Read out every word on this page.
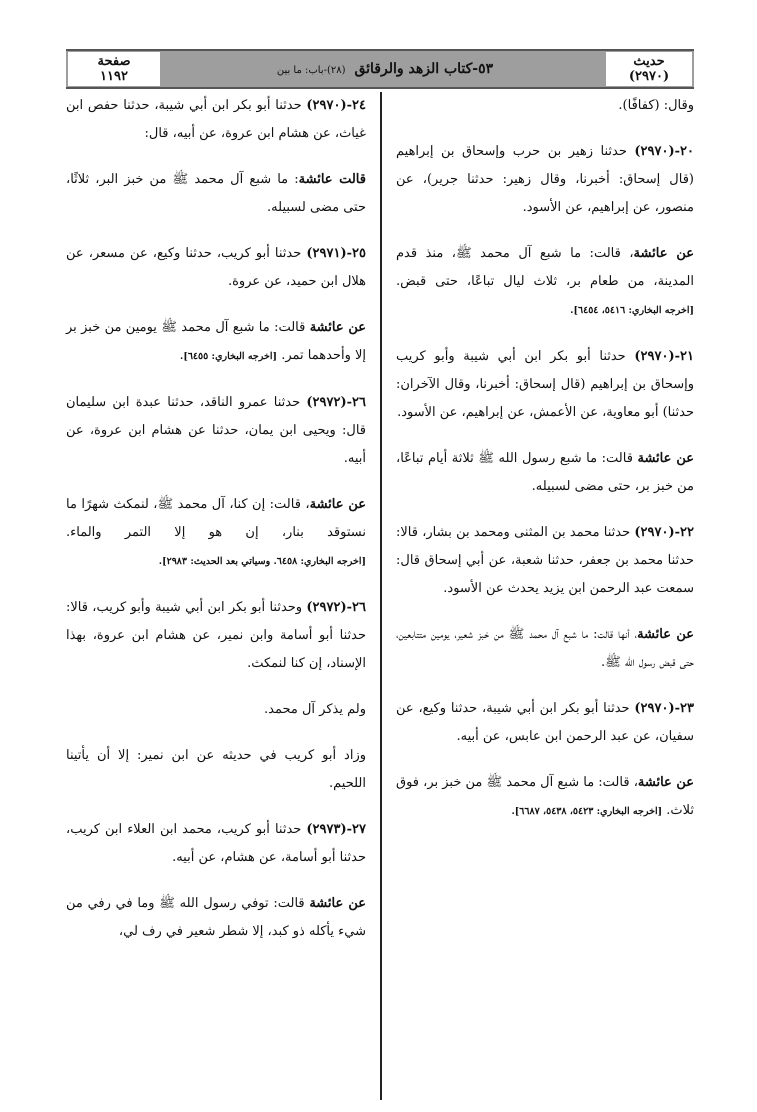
حديث
(٢٩٧٠)
٥٣-كتاب الزهد والرقائق (٢٨)-باب: ما بين
صفحة
١١٩٢
وقال: (كفافًا).
٢٠-(٢٩٧٠) حدثنا زهير بن حرب وإسحاق بن إبراهيم (قال إسحاق: أخبرنا، وقال زهير: حدثنا جرير)، عن منصور، عن إبراهيم، عن الأسود.
عن عائشة، قالت: ما شبع آل محمد ﷺ، منذ قدم المدينة، من طعام بر، ثلاث ليال تباعًا، حتى قبض. [اخرجه البخاري: ٥٤١٦، ٦٤٥٤].
٢١-(٢٩٧٠) حدثنا أبو بكر ابن أبي شيبة وأبو كريب وإسحاق بن إبراهيم (قال إسحاق: أخبرنا، وقال الآخران: حدثنا) أبو معاوية، عن الأعمش، عن إبراهيم، عن الأسود.
عن عائشة قالت: ما شبع رسول الله ﷺ ثلاثة أيام تباعًا، من خبز بر، حتى مضى لسبيله.
٢٢-(٢٩٧٠) حدثنا محمد بن المثنى ومحمد بن بشار، قالا: حدثنا محمد بن جعفر، حدثنا شعبة، عن أبي إسحاق قال: سمعت عبد الرحمن ابن يزيد يحدث عن الأسود.
عن عائشة، أنها قالت: ما شبع آل محمد ﷺ من خبز شعير، يومين متتابعين، حتى قبض رسول الله ﷺ.
٢٣-(٢٩٧٠) حدثنا أبو بكر ابن أبي شيبة، حدثنا وكيع، عن سفيان، عن عبد الرحمن ابن عابس، عن أبيه.
عن عائشة، قالت: ما شبع آل محمد ﷺ من خبز بر، فوق ثلاث. [اخرجه البخاري: ٥٤٢٣، ٥٤٣٨، ٦٦٨٧].
٢٤-(٢٩٧٠) حدثنا أبو بكر ابن أبي شيبة، حدثنا حفص ابن غياث، عن هشام ابن عروة، عن أبيه، قال:
قالت عائشة: ما شبع آل محمد ﷺ من خبز البر، ثلاثًا، حتى مضى لسبيله.
٢٥-(٢٩٧١) حدثنا أبو كريب، حدثنا وكيع، عن مسعر، عن هلال ابن حميد، عن عروة.
عن عائشة قالت: ما شبع آل محمد ﷺ يومين من خبز بر إلا وأحدهما تمر. [اخرجه البخاري: ٦٤٥٥].
٢٦-(٢٩٧٢) حدثنا عمرو الناقد، حدثنا عبدة ابن سليمان قال: ويحيى ابن يمان، حدثنا عن هشام ابن عروة، عن أبيه.
عن عائشة، قالت: إن كنا، آل محمد ﷺ، لنمكث شهرًا ما نستوقد بنار، إن هو إلا التمر والماء. [اخرجه البخاري: ٦٤٥٨. وسياتي بعد الحديث: ٢٩٨٣].
٢٦-(٢٩٧٢) وحدثنا أبو بكر ابن أبي شيبة وأبو كريب، قالا: حدثنا أبو أسامة وابن نمير، عن هشام ابن عروة، بهذا الإسناد، إن كنا لنمكث.
ولم يذكر آل محمد.
وزاد أبو كريب في حديثه عن ابن نمير: إلا أن يأتينا اللحيم.
٢٧-(٢٩٧٣) حدثنا أبو كريب، محمد ابن العلاء ابن كريب، حدثنا أبو أسامة، عن هشام، عن أبيه.
عن عائشة قالت: توفي رسول الله ﷺ وما في رفي من شيء يأكله ذو كبد، إلا شطر شعير في رف لي،
